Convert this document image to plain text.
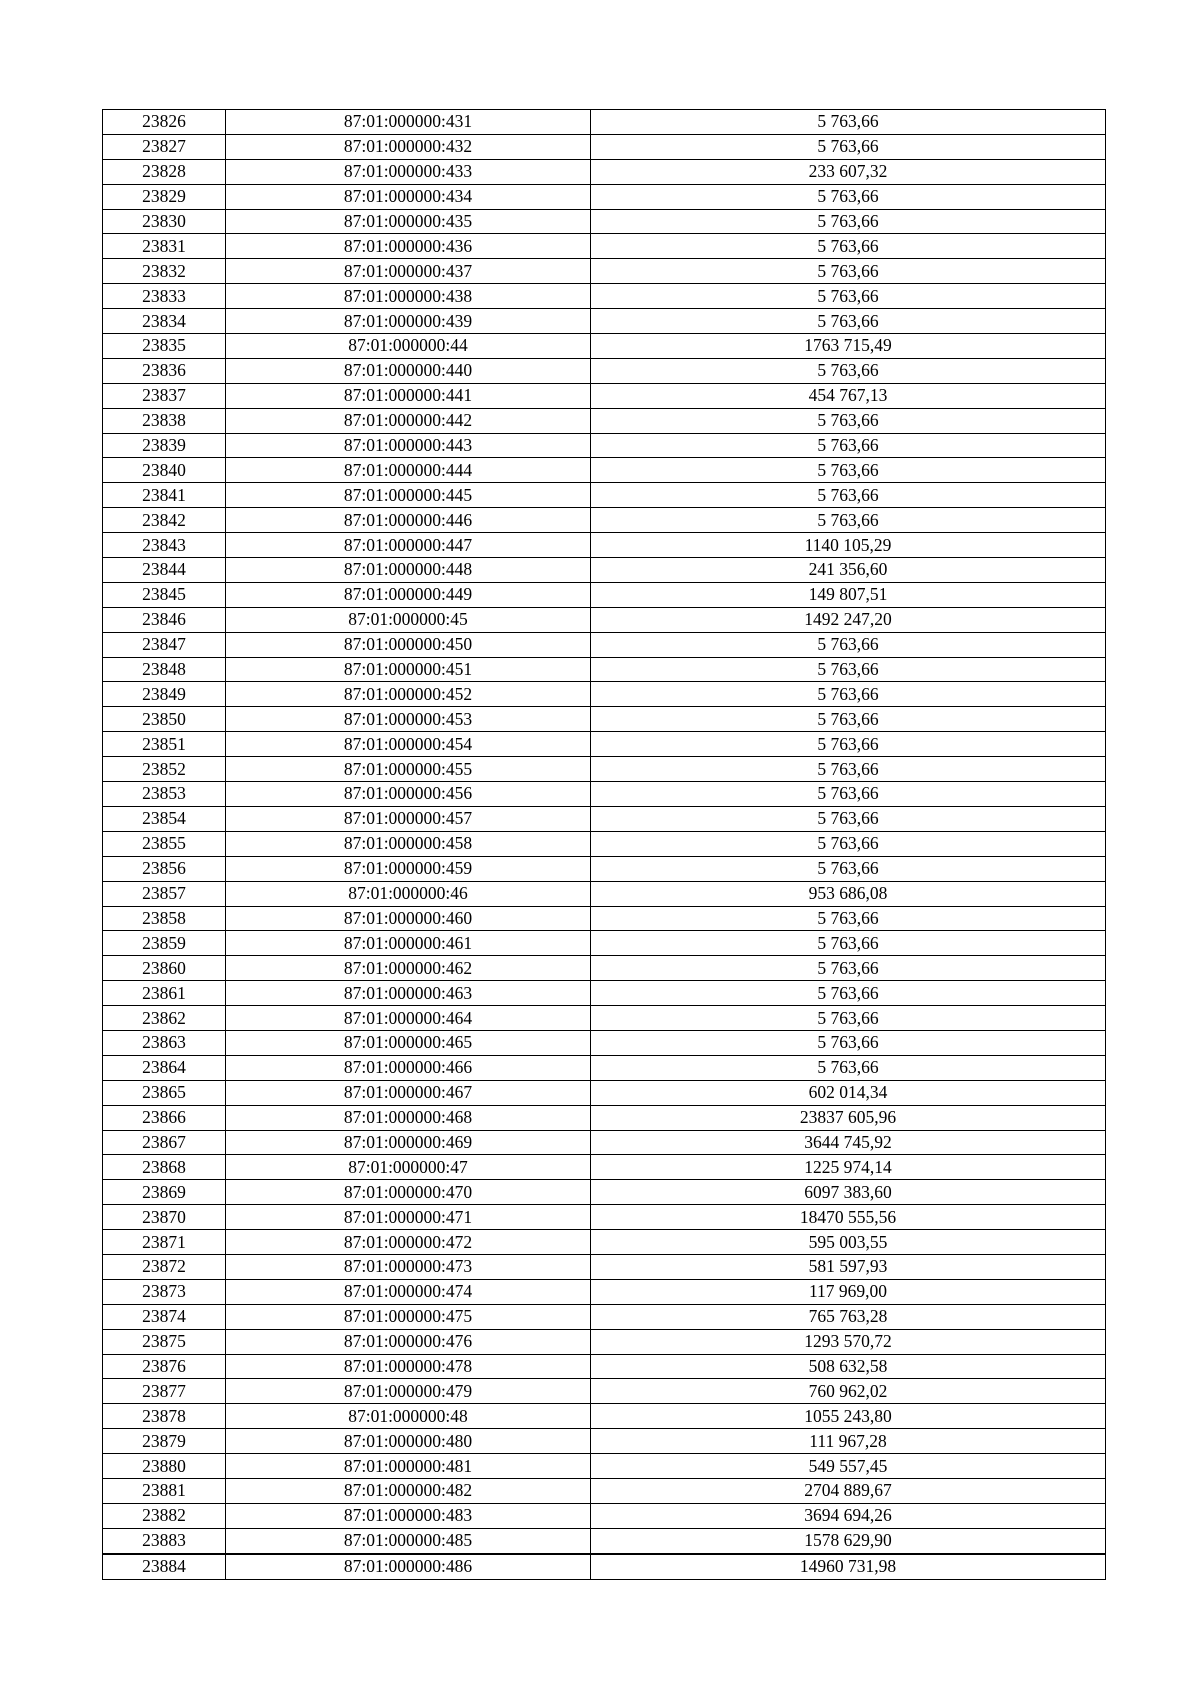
23826	87:01:000000:431	5 763,66
23827	87:01:000000:432	5 763,66
23828	87:01:000000:433	233 607,32
23829	87:01:000000:434	5 763,66
23830	87:01:000000:435	5 763,66
23831	87:01:000000:436	5 763,66
23832	87:01:000000:437	5 763,66
23833	87:01:000000:438	5 763,66
23834	87:01:000000:439	5 763,66
23835	87:01:000000:44	1763 715,49
23836	87:01:000000:440	5 763,66
23837	87:01:000000:441	454 767,13
23838	87:01:000000:442	5 763,66
23839	87:01:000000:443	5 763,66
23840	87:01:000000:444	5 763,66
23841	87:01:000000:445	5 763,66
23842	87:01:000000:446	5 763,66
23843	87:01:000000:447	1140 105,29
23844	87:01:000000:448	241 356,60
23845	87:01:000000:449	149 807,51
23846	87:01:000000:45	1492 247,20
23847	87:01:000000:450	5 763,66
23848	87:01:000000:451	5 763,66
23849	87:01:000000:452	5 763,66
23850	87:01:000000:453	5 763,66
23851	87:01:000000:454	5 763,66
23852	87:01:000000:455	5 763,66
23853	87:01:000000:456	5 763,66
23854	87:01:000000:457	5 763,66
23855	87:01:000000:458	5 763,66
23856	87:01:000000:459	5 763,66
23857	87:01:000000:46	953 686,08
23858	87:01:000000:460	5 763,66
23859	87:01:000000:461	5 763,66
23860	87:01:000000:462	5 763,66
23861	87:01:000000:463	5 763,66
23862	87:01:000000:464	5 763,66
23863	87:01:000000:465	5 763,66
23864	87:01:000000:466	5 763,66
23865	87:01:000000:467	602 014,34
23866	87:01:000000:468	23837 605,96
23867	87:01:000000:469	3644 745,92
23868	87:01:000000:47	1225 974,14
23869	87:01:000000:470	6097 383,60
23870	87:01:000000:471	18470 555,56
23871	87:01:000000:472	595 003,55
23872	87:01:000000:473	581 597,93
23873	87:01:000000:474	117 969,00
23874	87:01:000000:475	765 763,28
23875	87:01:000000:476	1293 570,72
23876	87:01:000000:478	508 632,58
23877	87:01:000000:479	760 962,02
23878	87:01:000000:48	1055 243,80
23879	87:01:000000:480	111 967,28
23880	87:01:000000:481	549 557,45
23881	87:01:000000:482	2704 889,67
23882	87:01:000000:483	3694 694,26
23883	87:01:000000:485	1578 629,90
23884	87:01:000000:486	14960 731,98
